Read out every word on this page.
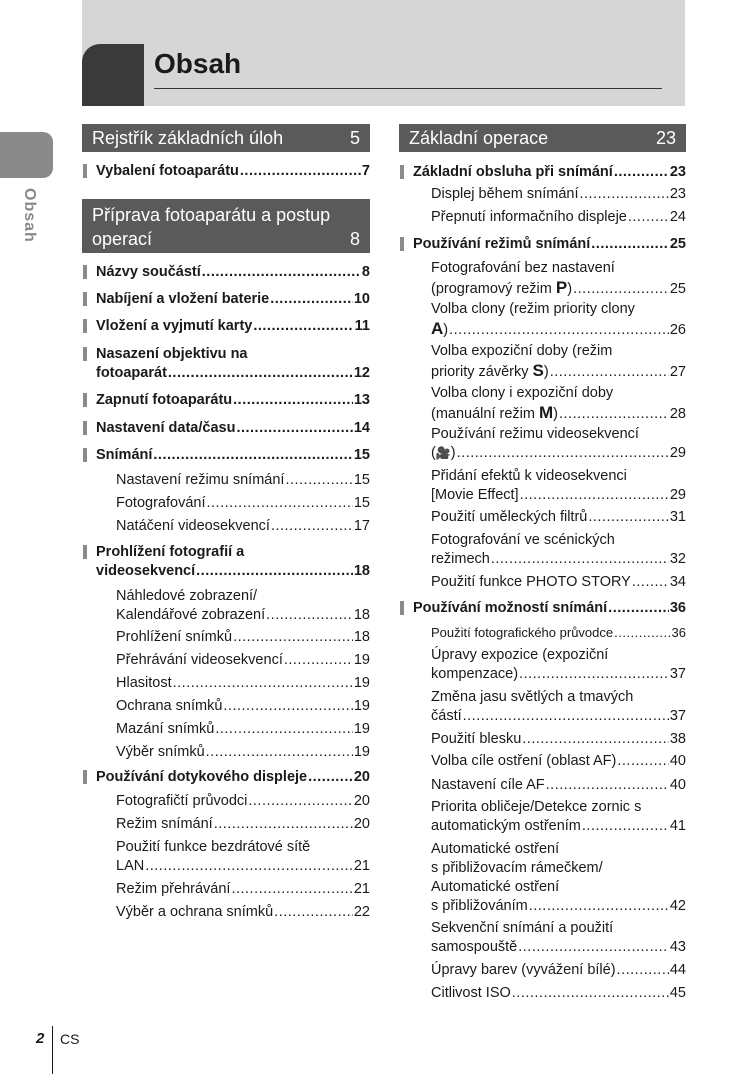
Obsah
Obsah
Rejstřík základních úloh	5
Vybalení fotoaparátu .....	7
Příprava fotoaparátu a postup
operací	8
Názvy součástí .....	8
Nabíjení a vložení baterie .....	10
Vložení a vyjmutí karty .....	11
Nasazení objektivu na
fotoaparát .....	12
Zapnutí fotoaparátu .....	13
Nastavení data/času .....	14
Snímání .....	15
Nastavení režimu snímání .....	15
Fotografování .....	15
Natáčení videosekvencí .....	17
Prohlížení fotografií a
videosekvencí .....	18
Náhledové zobrazení/
Kalendářové zobrazení .....	18
Prohlížení snímků .....	18
Přehrávání videosekvencí .....	19
Hlasitost .....	19
Ochrana snímků .....	19
Mazání snímků .....	19
Výběr snímků .....	19
Používání dotykového displeje .....	20
Fotografičtí průvodci .....	20
Režim snímání .....	20
Použití funkce bezdrátové sítě
LAN .....	21
Režim přehrávání .....	21
Výběr a ochrana snímků .....	22
Základní operace	23
Základní obsluha při snímání .....	23
Displej během snímání .....	23
Přepnutí informačního displeje .....	24
Používání režimů snímání .....	25
Fotografování bez nastavení
(programový režim P) .....	25
Volba clony (režim priority clony
A) .....	26
Volba expoziční doby (režim
priority závěrky S) .....	27
Volba clony i expoziční doby
(manuální režim M) .....	28
Používání režimu videosekvencí
(🎥) .....	29
Přidání efektů k videosekvenci
[Movie Effect] .....	29
Použití uměleckých filtrů .....	31
Fotografování ve scénických
režimech .....	32
Použití funkce PHOTO STORY .....	34
Používání možností snímání .....	36
Použití fotografického průvodce .....	36
Úpravy expozice (expoziční
kompenzace) .....	37
Změna jasu světlých a tmavých
částí .....	37
Použití blesku .....	38
Volba cíle ostření (oblast AF) .....	40
Nastavení cíle AF .....	40
Priorita obličeje/Detekce zornic s
automatickým ostřením .....	41
Automatické ostření
s přibližovacím rámečkem/
Automatické ostření
s přibližováním .....	42
Sekvenční snímání a použití
samospouště .....	43
Úpravy barev (vyvážení bílé) .....	44
Citlivost ISO .....	45
2 CS
